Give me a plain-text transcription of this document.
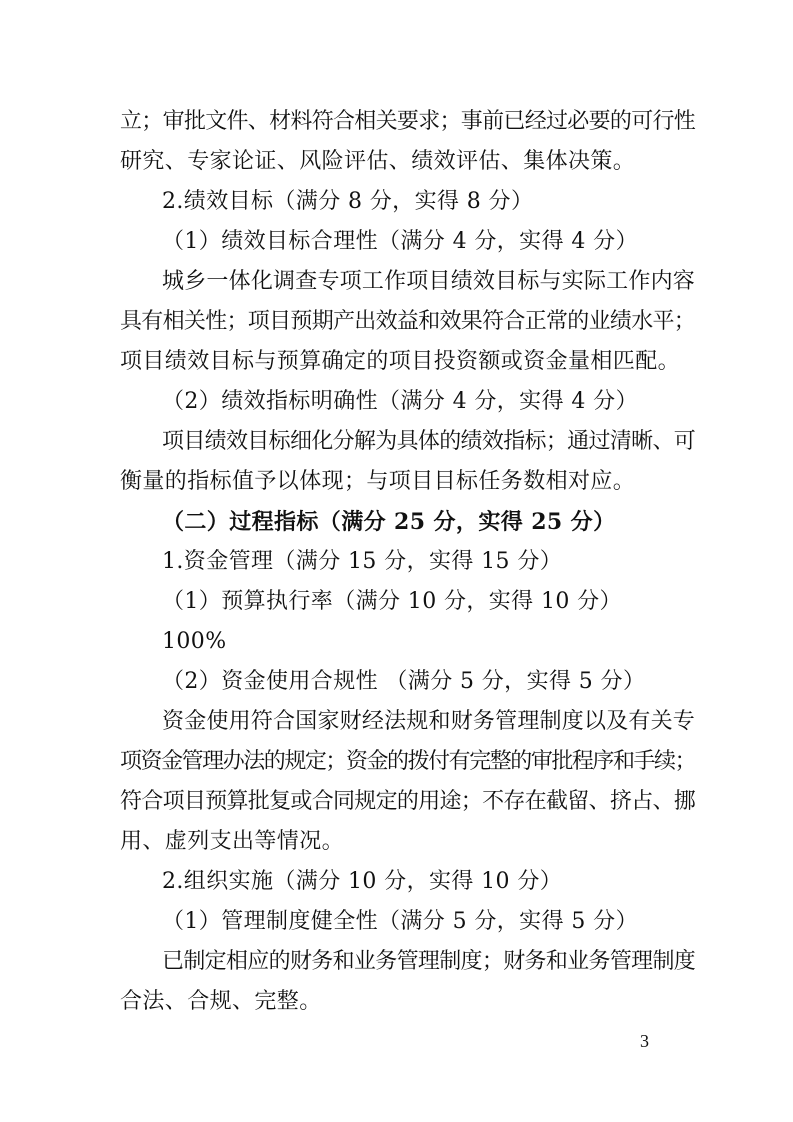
立；审批文件、材料符合相关要求；事前已经过必要的可行性
研究、专家论证、风险评估、绩效评估、集体决策。
2.绩效目标（满分 8 分，实得 8 分）
（1）绩效目标合理性（满分 4 分，实得 4 分）
城乡一体化调查专项工作项目绩效目标与实际工作内容
具有相关性；项目预期产出效益和效果符合正常的业绩水平；
项目绩效目标与预算确定的项目投资额或资金量相匹配。
（2）绩效指标明确性（满分 4 分，实得 4 分）
项目绩效目标细化分解为具体的绩效指标；通过清晰、可
衡量的指标值予以体现；与项目目标任务数相对应。
（二）过程指标（满分 25 分，实得 25 分）
1.资金管理（满分 15 分，实得 15 分）
（1）预算执行率（满分 10 分，实得 10 分）
100%
（2）资金使用合规性 （满分 5 分，实得 5 分）
资金使用符合国家财经法规和财务管理制度以及有关专
项资金管理办法的规定；资金的拨付有完整的审批程序和手续；
符合项目预算批复或合同规定的用途；不存在截留、挤占、挪
用、虚列支出等情况。
2.组织实施（满分 10 分，实得 10 分）
（1）管理制度健全性（满分 5 分，实得 5 分）
已制定相应的财务和业务管理制度；财务和业务管理制度
合法、合规、完整。
3
